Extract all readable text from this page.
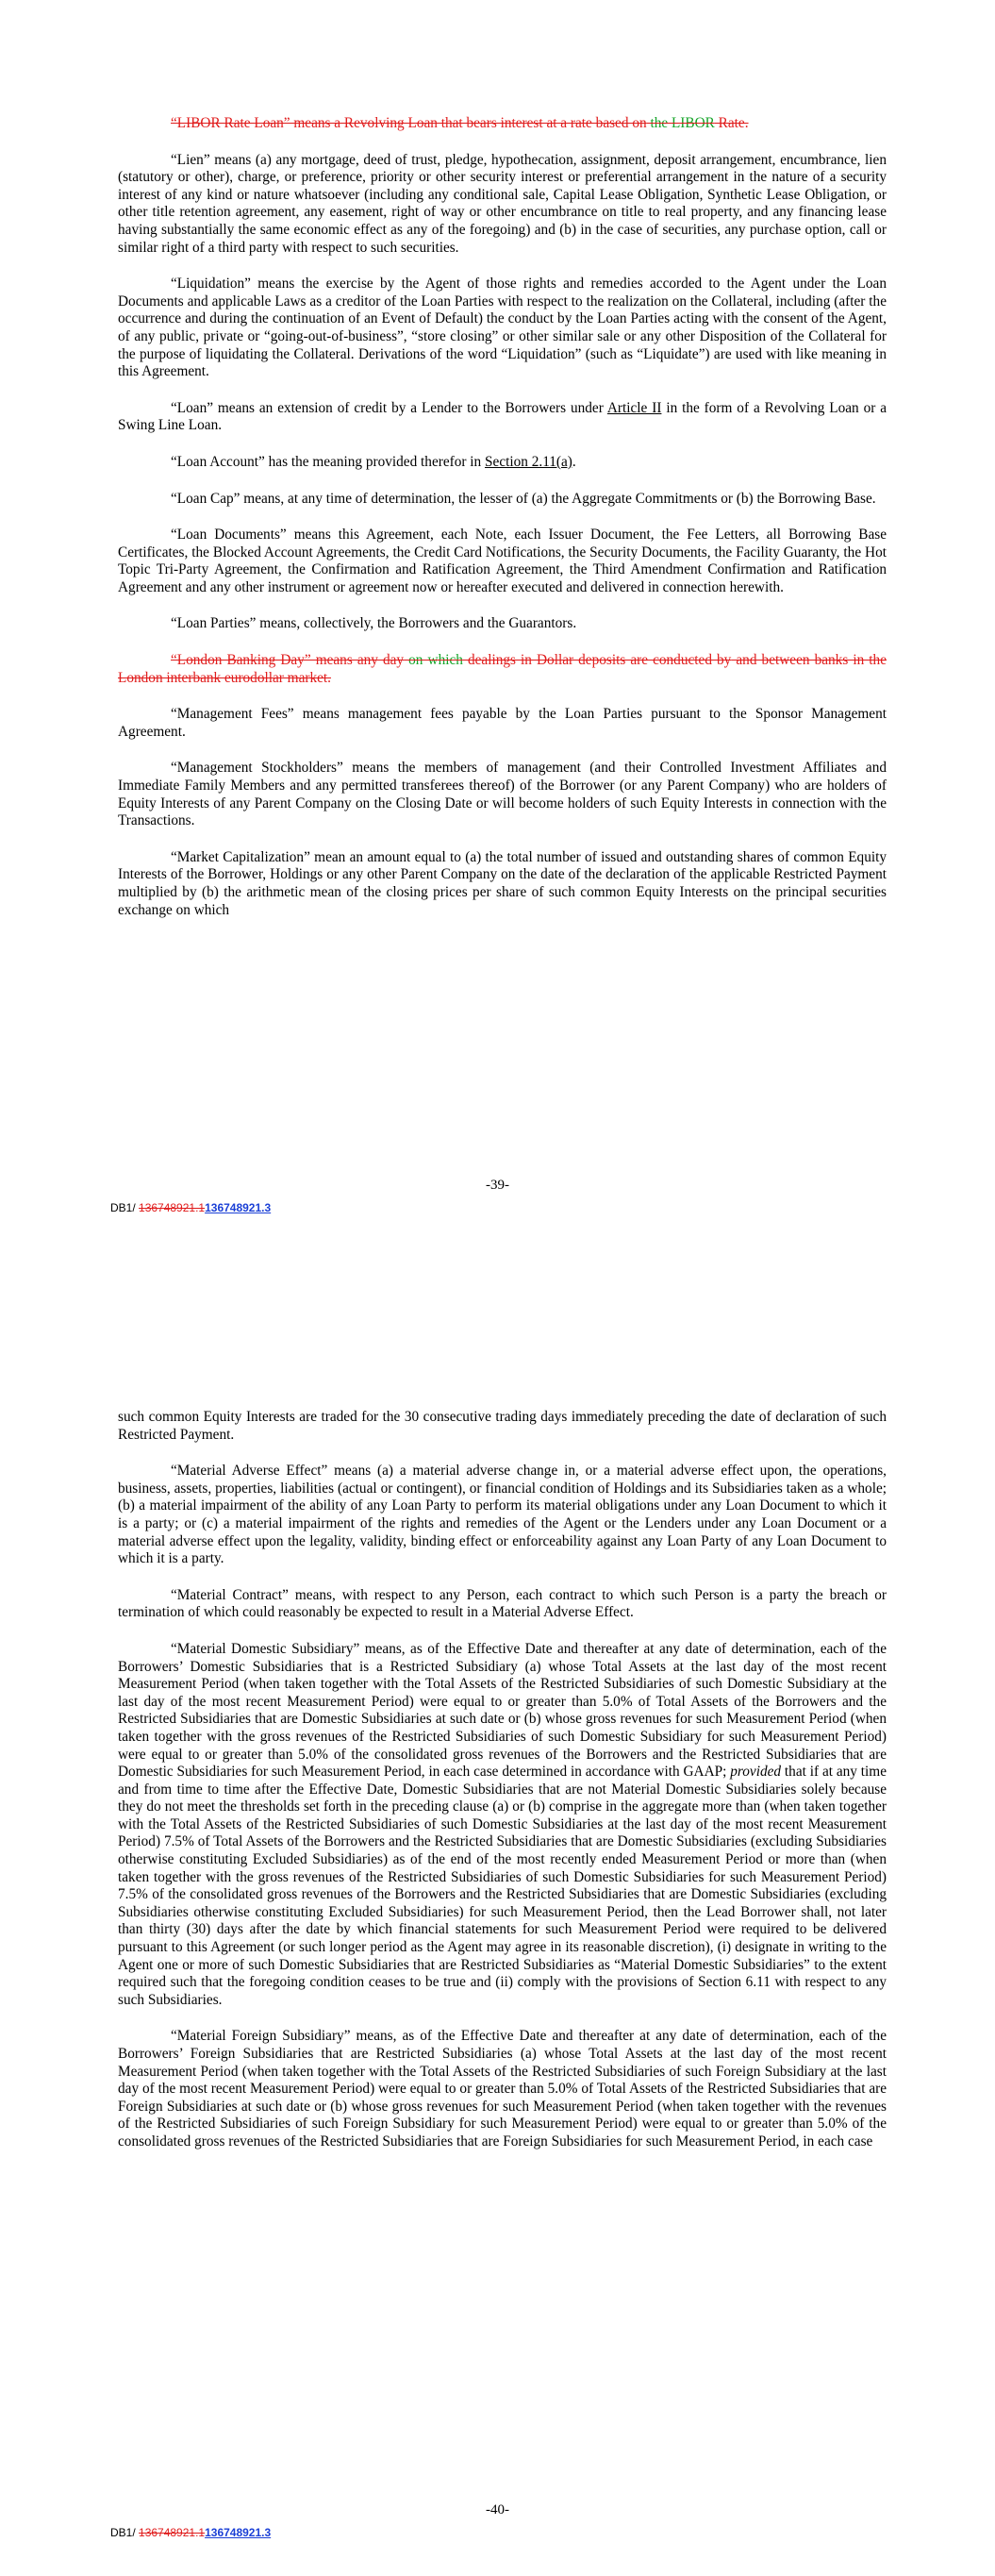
“LIBOR Rate Loan” means a Revolving Loan that bears interest at a rate based on the LIBOR Rate.

“Lien” means (a) any mortgage, deed of trust, pledge, hypothecation, assignment, deposit arrangement, encumbrance, lien (statutory or other), charge, or preference, priority or other security interest or preferential arrangement in the nature of a security interest of any kind or nature whatsoever (including any conditional sale, Capital Lease Obligation, Synthetic Lease Obligation, or other title retention agreement, any easement, right of way or other encumbrance on title to real property, and any financing lease having substantially the same economic effect as any of the foregoing) and (b) in the case of securities, any purchase option, call or similar right of a third party with respect to such securities.

“Liquidation” means the exercise by the Agent of those rights and remedies accorded to the Agent under the Loan Documents and applicable Laws as a creditor of the Loan Parties with respect to the realization on the Collateral, including (after the occurrence and during the continuation of an Event of Default) the conduct by the Loan Parties acting with the consent of the Agent, of any public, private or “going-out-of-business”, “store closing” or other similar sale or any other Disposition of the Collateral for the purpose of liquidating the Collateral. Derivations of the word “Liquidation” (such as “Liquidate”) are used with like meaning in this Agreement.

“Loan” means an extension of credit by a Lender to the Borrowers under Article II in the form of a Revolving Loan or a Swing Line Loan.

“Loan Account” has the meaning provided therefor in Section 2.11(a).

“Loan Cap” means, at any time of determination, the lesser of (a) the Aggregate Commitments or (b) the Borrowing Base.

“Loan Documents” means this Agreement, each Note, each Issuer Document, the Fee Letters, all Borrowing Base Certificates, the Blocked Account Agreements, the Credit Card Notifications, the Security Documents, the Facility Guaranty, the Hot Topic Tri-Party Agreement, the Confirmation and Ratification Agreement, the Third Amendment Confirmation and Ratification Agreement and any other instrument or agreement now or hereafter executed and delivered in connection herewith.

“Loan Parties” means, collectively, the Borrowers and the Guarantors.

“London Banking Day” means any day on which dealings in Dollar deposits are conducted by and between banks in the London interbank eurodollar market.

“Management Fees” means management fees payable by the Loan Parties pursuant to the Sponsor Management Agreement.

“Management Stockholders” means the members of management (and their Controlled Investment Affiliates and Immediate Family Members and any permitted transferees thereof) of the Borrower (or any Parent Company) who are holders of Equity Interests of any Parent Company on the Closing Date or will become holders of such Equity Interests in connection with the Transactions.

“Market Capitalization” mean an amount equal to (a) the total number of issued and outstanding shares of common Equity Interests of the Borrower, Holdings or any other Parent Company on the date of the declaration of the applicable Restricted Payment multiplied by (b) the arithmetic mean of the closing prices per share of such common Equity Interests on the principal securities exchange on which

-39-
DB1/ 136748921.1136748921.3

such common Equity Interests are traded for the 30 consecutive trading days immediately preceding the date of declaration of such Restricted Payment.

“Material Adverse Effect” means (a) a material adverse change in, or a material adverse effect upon, the operations, business, assets, properties, liabilities (actual or contingent), or financial condition of Holdings and its Subsidiaries taken as a whole; (b) a material impairment of the ability of any Loan Party to perform its material obligations under any Loan Document to which it is a party; or (c) a material impairment of the rights and remedies of the Agent or the Lenders under any Loan Document or a material adverse effect upon the legality, validity, binding effect or enforceability against any Loan Party of any Loan Document to which it is a party.

“Material Contract” means, with respect to any Person, each contract to which such Person is a party the breach or termination of which could reasonably be expected to result in a Material Adverse Effect.

“Material Domestic Subsidiary” means, as of the Effective Date and thereafter at any date of determination, each of the Borrowers’ Domestic Subsidiaries that is a Restricted Subsidiary (a) whose Total Assets at the last day of the most recent Measurement Period (when taken together with the Total Assets of the Restricted Subsidiaries of such Domestic Subsidiary at the last day of the most recent Measurement Period) were equal to or greater than 5.0% of Total Assets of the Borrowers and the Restricted Subsidiaries that are Domestic Subsidiaries at such date or (b) whose gross revenues for such Measurement Period (when taken together with the gross revenues of the Restricted Subsidiaries of such Domestic Subsidiary for such Measurement Period) were equal to or greater than 5.0% of the consolidated gross revenues of the Borrowers and the Restricted Subsidiaries that are Domestic Subsidiaries for such Measurement Period, in each case determined in accordance with GAAP; provided that if at any time and from time to time after the Effective Date, Domestic Subsidiaries that are not Material Domestic Subsidiaries solely because they do not meet the thresholds set forth in the preceding clause (a) or (b) comprise in the aggregate more than (when taken together with the Total Assets of the Restricted Subsidiaries of such Domestic Subsidiaries at the last day of the most recent Measurement Period) 7.5% of Total Assets of the Borrowers and the Restricted Subsidiaries that are Domestic Subsidiaries (excluding Subsidiaries otherwise constituting Excluded Subsidiaries) as of the end of the most recently ended Measurement Period or more than (when taken together with the gross revenues of the Restricted Subsidiaries of such Domestic Subsidiaries for such Measurement Period) 7.5% of the consolidated gross revenues of the Borrowers and the Restricted Subsidiaries that are Domestic Subsidiaries (excluding Subsidiaries otherwise constituting Excluded Subsidiaries) for such Measurement Period, then the Lead Borrower shall, not later than thirty (30) days after the date by which financial statements for such Measurement Period were required to be delivered pursuant to this Agreement (or such longer period as the Agent may agree in its reasonable discretion), (i) designate in writing to the Agent one or more of such Domestic Subsidiaries that are Restricted Subsidiaries as “Material Domestic Subsidiaries” to the extent required such that the foregoing condition ceases to be true and (ii) comply with the provisions of Section 6.11 with respect to any such Subsidiaries.

“Material Foreign Subsidiary” means, as of the Effective Date and thereafter at any date of determination, each of the Borrowers’ Foreign Subsidiaries that are Restricted Subsidiaries (a) whose Total Assets at the last day of the most recent Measurement Period (when taken together with the Total Assets of the Restricted Subsidiaries of such Foreign Subsidiary at the last day of the most recent Measurement Period) were equal to or greater than 5.0% of Total Assets of the Restricted Subsidiaries that are Foreign Subsidiaries at such date or (b) whose gross revenues for such Measurement Period (when taken together with the revenues of the Restricted Subsidiaries of such Foreign Subsidiary for such Measurement Period) were equal to or greater than 5.0% of the consolidated gross revenues of the Restricted Subsidiaries that are Foreign Subsidiaries for such Measurement Period, in each case

-40-
DB1/ 136748921.1136748921.3
